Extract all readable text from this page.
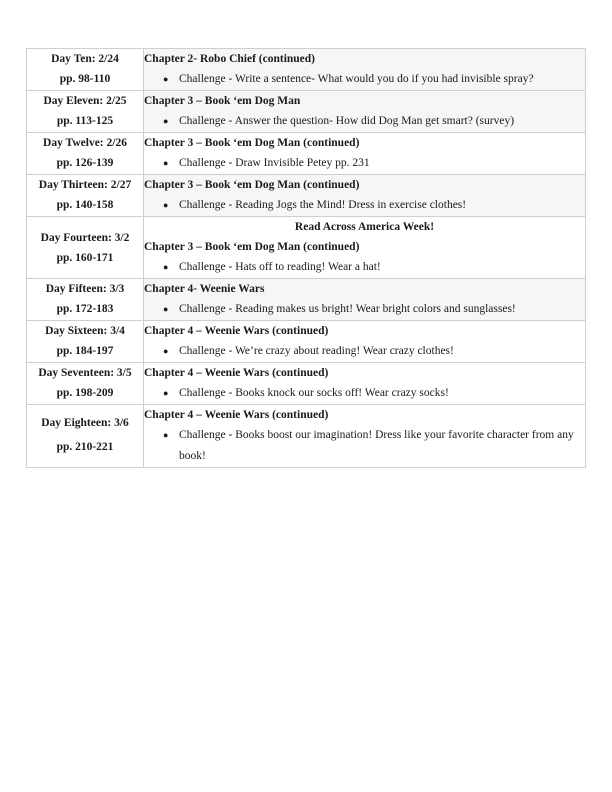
Day Ten: 2/24
pp. 98-110	Chapter 2- Robo Chief (continued)
● Challenge - Write a sentence- What would you do if you had invisible spray?

Day Eleven: 2/25
pp. 113-125	Chapter 3 – Book ‘em Dog Man
● Challenge - Answer the question- How did Dog Man get smart? (survey)

Day Twelve: 2/26
pp. 126-139	Chapter 3 – Book ‘em Dog Man (continued)
● Challenge - Draw Invisible Petey pp. 231

Day Thirteen: 2/27
pp. 140-158	Chapter 3 – Book ‘em Dog Man (continued)
● Challenge - Reading Jogs the Mind! Dress in exercise clothes!

Day Fourteen: 3/2
pp. 160-171	Read Across America Week!
Chapter 3 – Book ‘em Dog Man (continued)
● Challenge - Hats off to reading! Wear a hat!

Day Fifteen: 3/3
pp. 172-183	Chapter 4- Weenie Wars
● Challenge - Reading makes us bright! Wear bright colors and sunglasses!

Day Sixteen: 3/4
pp. 184-197	Chapter 4 – Weenie Wars (continued)
● Challenge - We’re crazy about reading! Wear crazy clothes!

Day Seventeen: 3/5
pp. 198-209	Chapter 4 – Weenie Wars (continued)
● Challenge - Books knock our socks off! Wear crazy socks!

Day Eighteen: 3/6
pp. 210-221	Chapter 4 – Weenie Wars (continued)
● Challenge - Books boost our imagination! Dress like your favorite character from any book!
